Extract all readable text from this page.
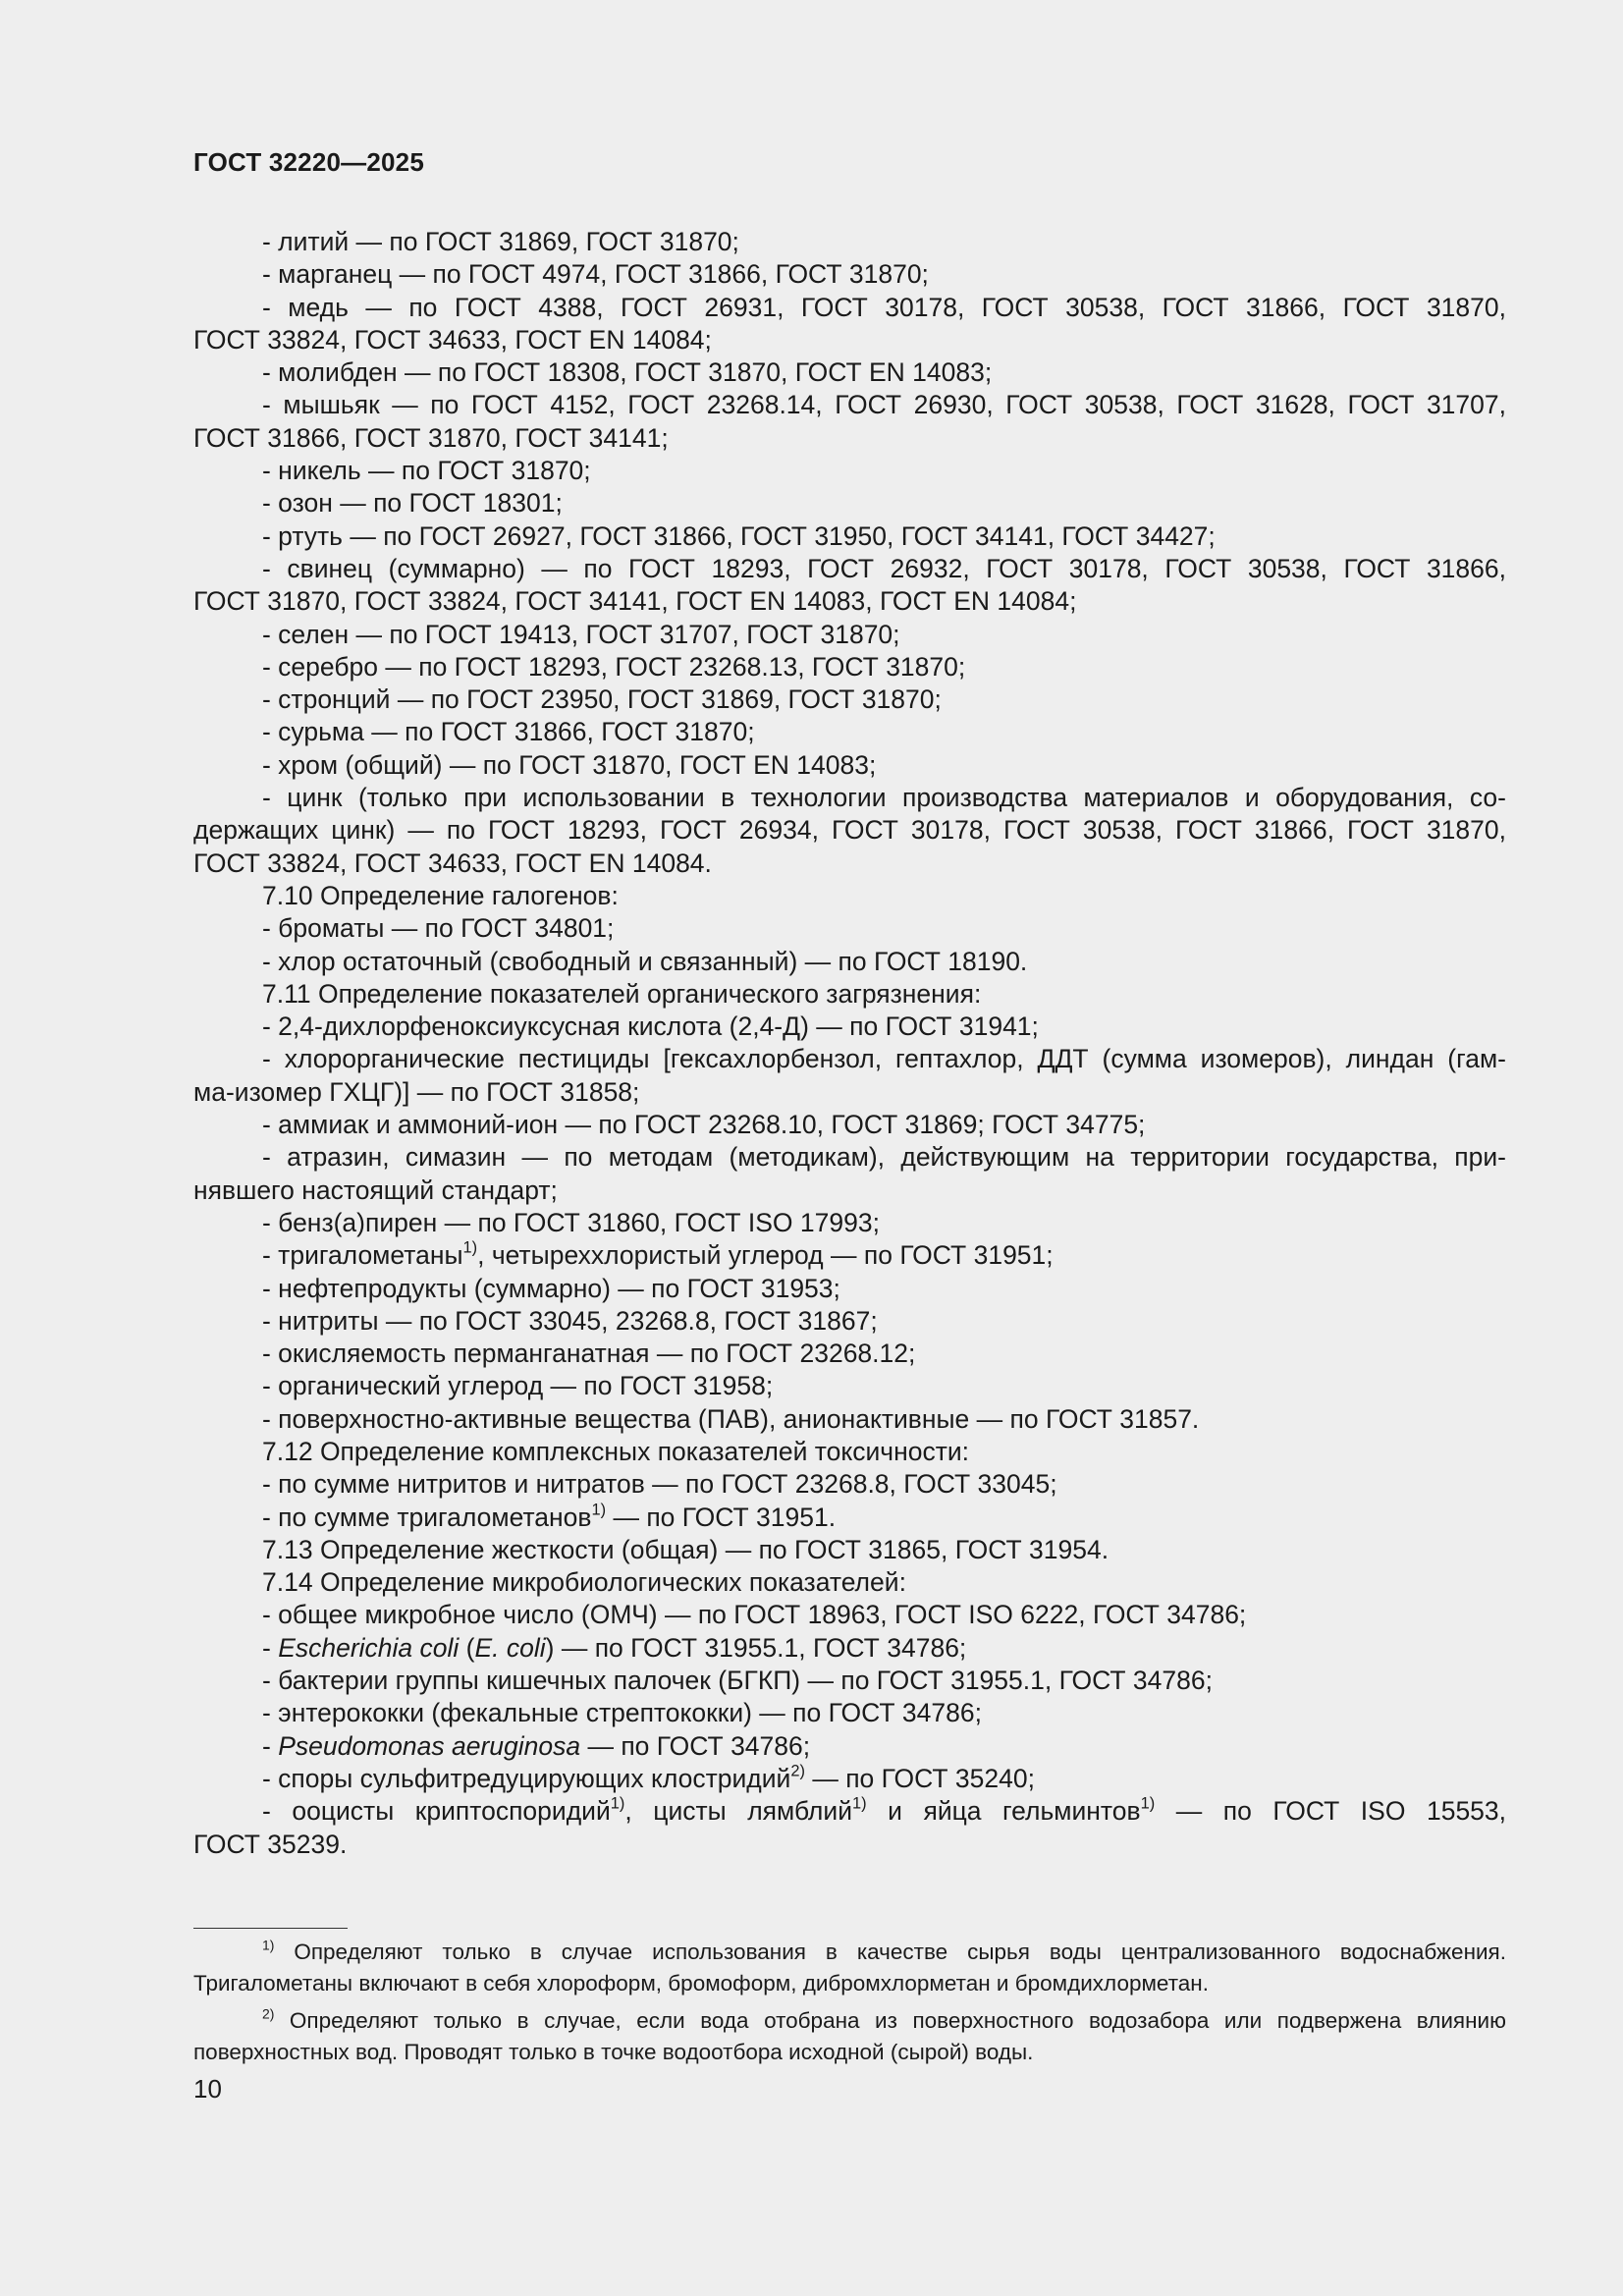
ГОСТ 32220—2025
- литий — по ГОСТ 31869, ГОСТ 31870;
- марганец — по ГОСТ 4974, ГОСТ 31866, ГОСТ 31870;
- медь — по ГОСТ 4388, ГОСТ 26931, ГОСТ 30178, ГОСТ 30538, ГОСТ 31866, ГОСТ 31870,
ГОСТ 33824, ГОСТ 34633, ГОСТ EN 14084;
- молибден — по ГОСТ 18308, ГОСТ 31870, ГОСТ EN 14083;
- мышьяк — по ГОСТ 4152, ГОСТ 23268.14, ГОСТ 26930, ГОСТ 30538, ГОСТ 31628, ГОСТ 31707,
ГОСТ 31866, ГОСТ 31870, ГОСТ 34141;
- никель — по ГОСТ 31870;
- озон — по ГОСТ 18301;
- ртуть — по ГОСТ 26927, ГОСТ 31866, ГОСТ 31950, ГОСТ 34141, ГОСТ 34427;
- свинец (суммарно) — по ГОСТ 18293, ГОСТ 26932, ГОСТ 30178, ГОСТ 30538, ГОСТ 31866,
ГОСТ 31870, ГОСТ 33824, ГОСТ 34141, ГОСТ EN 14083, ГОСТ EN 14084;
- селен — по ГОСТ 19413, ГОСТ 31707, ГОСТ 31870;
- серебро — по ГОСТ 18293, ГОСТ 23268.13, ГОСТ 31870;
- стронций — по ГОСТ 23950, ГОСТ 31869, ГОСТ 31870;
- сурьма — по ГОСТ 31866, ГОСТ 31870;
- хром (общий) — по ГОСТ 31870, ГОСТ EN 14083;
- цинк (только при использовании в технологии производства материалов и оборудования, со-
держащих цинк) — по ГОСТ 18293, ГОСТ 26934, ГОСТ 30178, ГОСТ 30538, ГОСТ 31866, ГОСТ 31870,
ГОСТ 33824, ГОСТ 34633, ГОСТ EN 14084.
7.10 Определение галогенов:
- броматы — по ГОСТ 34801;
- хлор остаточный (свободный и связанный) — по ГОСТ 18190.
7.11 Определение показателей органического загрязнения:
- 2,4-дихлорфеноксиуксусная кислота (2,4-Д) — по ГОСТ 31941;
- хлорорганические пестициды [гексахлорбензол, гептахлор, ДДТ (сумма изомеров), линдан (гам-
ма-изомер ГХЦГ)] — по ГОСТ 31858;
- аммиак и аммоний-ион — по ГОСТ 23268.10, ГОСТ 31869; ГОСТ 34775;
- атразин, симазин — по методам (методикам), действующим на территории государства, при-
нявшего настоящий стандарт;
- бенз(а)пирен — по ГОСТ 31860, ГОСТ ISO 17993;
- тригалометаны$^{1)}$, четыреххлористый углерод — по ГОСТ 31951;
- нефтепродукты (суммарно) — по ГОСТ 31953;
- нитриты — по ГОСТ 33045, 23268.8, ГОСТ 31867;
- окисляемость перманганатная — по ГОСТ 23268.12;
- органический углерод — по ГОСТ 31958;
- поверхностно-активные вещества (ПАВ), анионактивные — по ГОСТ 31857.
7.12 Определение комплексных показателей токсичности:
- по сумме нитритов и нитратов — по ГОСТ 23268.8, ГОСТ 33045;
- по сумме тригалометанов$^{1)}$ — по ГОСТ 31951.
7.13 Определение жесткости (общая) — по ГОСТ 31865, ГОСТ 31954.
7.14 Определение микробиологических показателей:
- общее микробное число (ОМЧ) — по ГОСТ 18963, ГОСТ ISO 6222, ГОСТ 34786;
- Escherichia coli (E. coli) — по ГОСТ 31955.1, ГОСТ 34786;
- бактерии группы кишечных палочек (БГКП) — по ГОСТ 31955.1, ГОСТ 34786;
- энтерококки (фекальные стрептококки) — по ГОСТ 34786;
- Pseudomonas aeruginosa — по ГОСТ 34786;
- споры сульфитредуцирующих клостридий$^{2)}$ — по ГОСТ 35240;
- ооцисты криптоспоридий$^{1)}$, цисты лямблий$^{1)}$ и яйца гельминтов$^{1)}$ — по ГОСТ ISO 15553,
ГОСТ 35239.
$^{1)}$ Определяют только в случае использования в качестве сырья воды централизованного водоснабжения.
Тригалометаны включают в себя хлороформ, бромоформ, дибромхлорметан и бромдихлорметан.
$^{2)}$ Определяют только в случае, если вода отобрана из поверхностного водозабора или подвержена влиянию
поверхностных вод. Проводят только в точке водоотбора исходной (сырой) воды.
10
